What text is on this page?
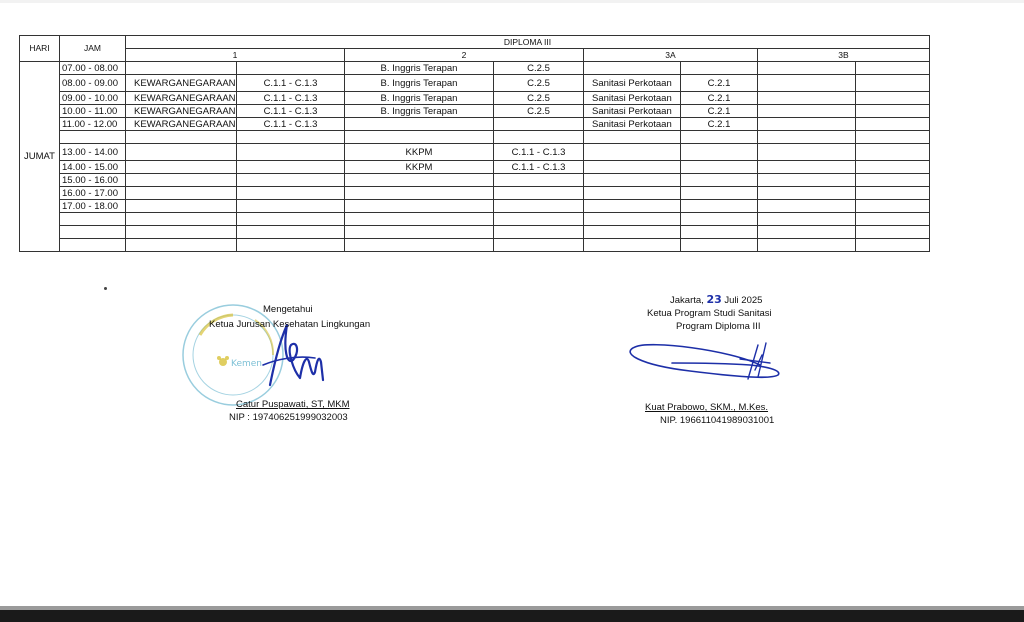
HARI	JAM	DIPLOMA III							
		1		2		3A		3B	
JUMAT	07.00 - 08.00			B. Inggris Terapan	C.2.5				
	08.00 - 09.00	KEWARGANEGARAAN	C.1.1 - C.1.3	B. Inggris Terapan	C.2.5	Sanitasi Perkotaan	C.2.1		
	09.00 - 10.00	KEWARGANEGARAAN	C.1.1 - C.1.3	B. Inggris Terapan	C.2.5	Sanitasi Perkotaan	C.2.1		
	10.00 - 11.00	KEWARGANEGARAAN	C.1.1 - C.1.3	B. Inggris Terapan	C.2.5	Sanitasi Perkotaan	C.2.1		
	11.00 - 12.00	KEWARGANEGARAAN	C.1.1 - C.1.3			Sanitasi Perkotaan	C.2.1		

	13.00 - 14.00			KKPM	C.1.1 - C.1.3				
	14.00 - 15.00			KKPM	C.1.1 - C.1.3				
	15.00 - 16.00								
	16.00 - 17.00								
	17.00 - 18.00								

Kemen
Mengetahui
Ketua Jurusan Kesehatan Lingkungan
Catur Puspawati, ST, MKM
NIP : 197406251999032003
Jakarta, 23 Juli 2025
Ketua Program Studi Sanitasi
Program Diploma III
Kuat Prabowo, SKM., M.Kes.
NIP. 196611041989031001
